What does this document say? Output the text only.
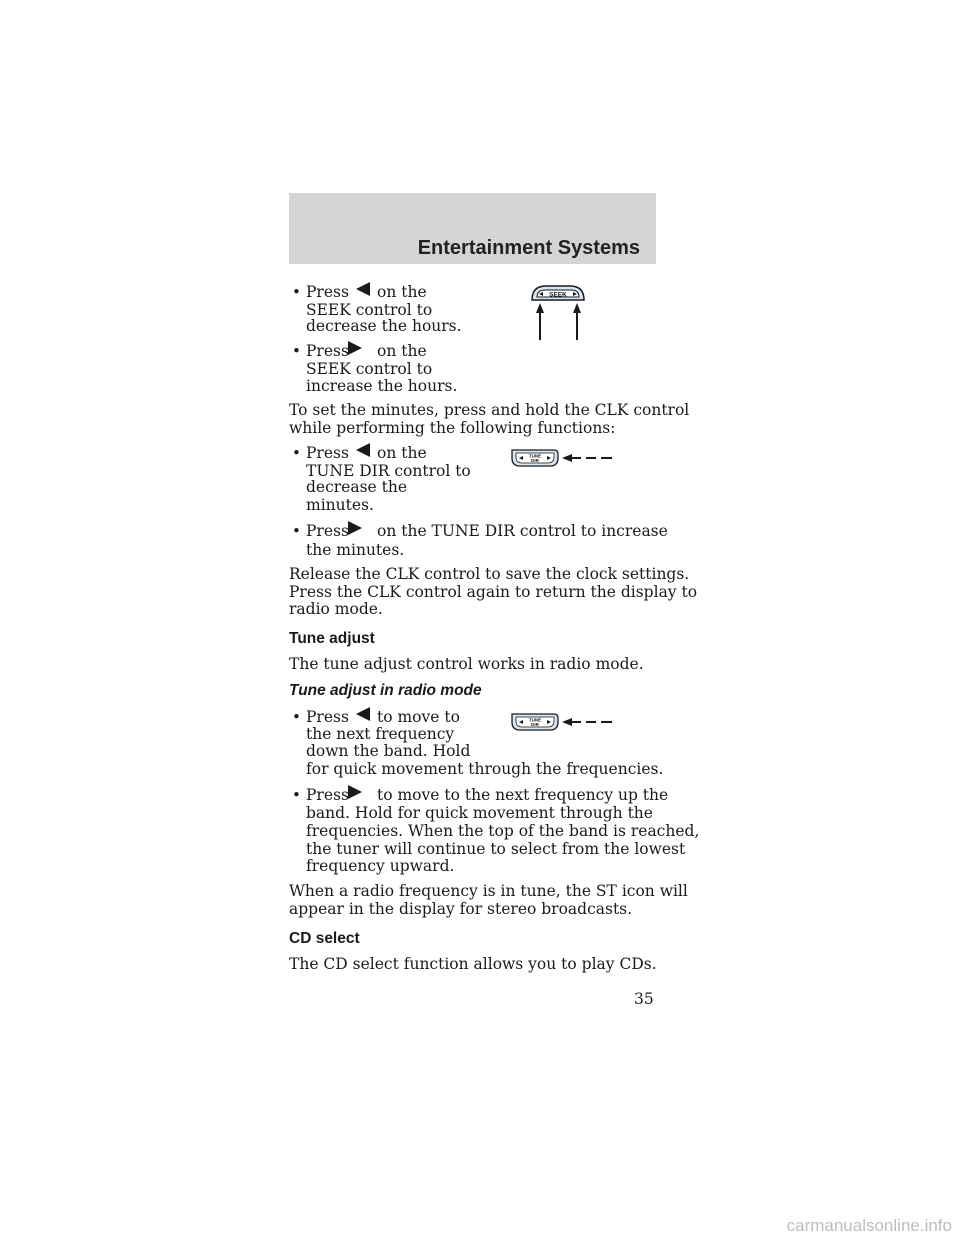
Entertainment Systems
• Press on the
SEEK control to
decrease the hours.
• Press on the
SEEK control to
increase the hours.
SEEK
To set the minutes, press and hold the CLK control
while performing the following functions:
• Press on the
TUNE DIR control to
decrease the
minutes.
TUNE
DIR
• Press on the TUNE DIR control to increase
the minutes.
Release the CLK control to save the clock settings.
Press the CLK control again to return the display to
radio mode.
Tune adjust
The tune adjust control works in radio mode.
Tune adjust in radio mode
• Press to move to
the next frequency
down the band. Hold
for quick movement through the frequencies.
TUNE
DIR
• Press to move to the next frequency up the
band. Hold for quick movement through the
frequencies. When the top of the band is reached,
the tuner will continue to select from the lowest
frequency upward.
When a radio frequency is in tune, the ST icon will
appear in the display for stereo broadcasts.
CD select
The CD select function allows you to play CDs.
35
carmanualsonline.info
